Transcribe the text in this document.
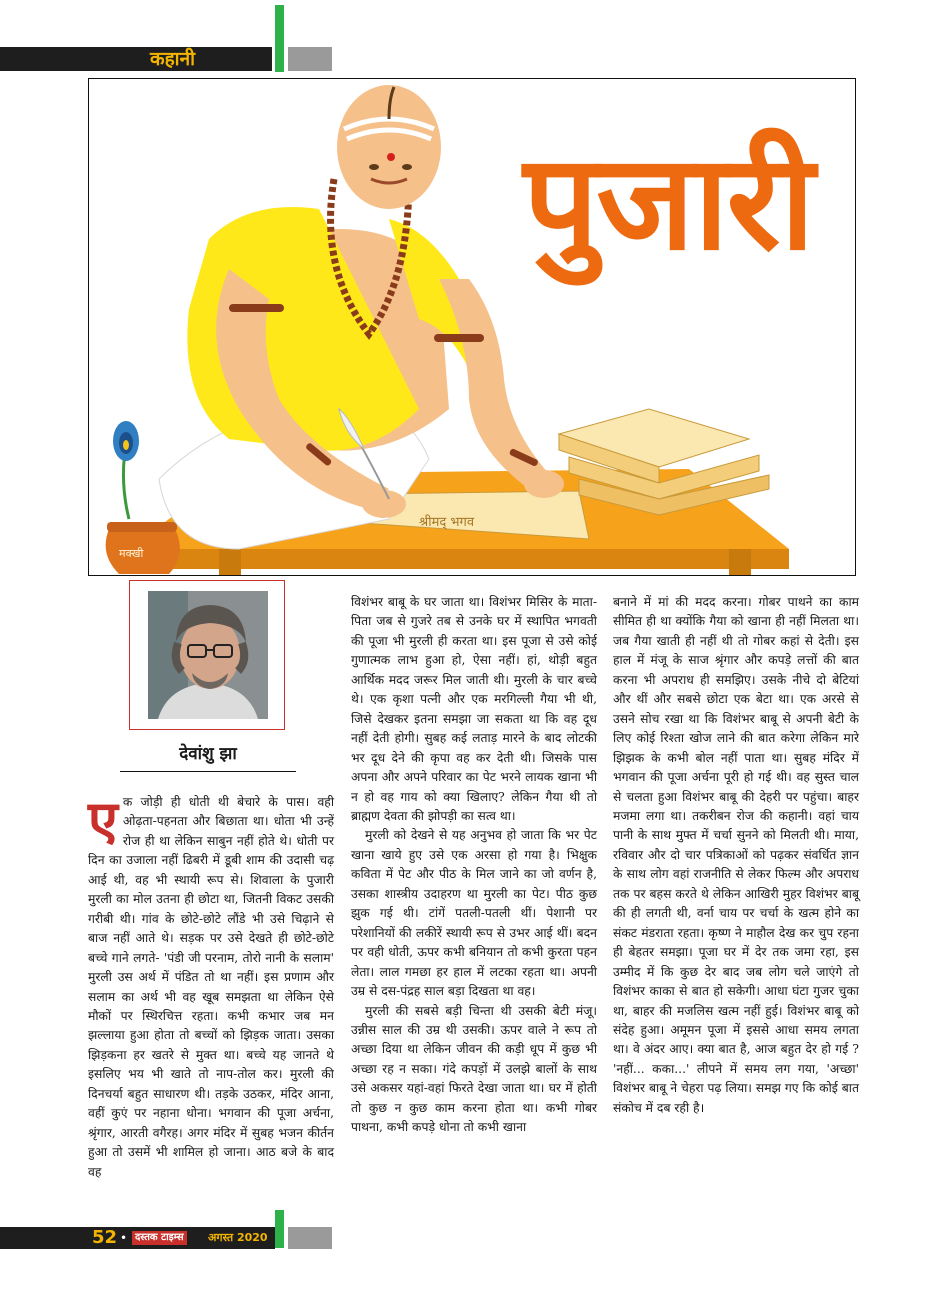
कहानी
श्रीमद् भगव
मक्खी
पुजारी
देवांशु झा
ए क जोड़ी ही धोती थी बेचारे के पास। वही ओढ़ता-पहनता और बिछाता था। धोता भी उन्हें रोज ही था लेकिन साबुन नहीं होते थे। धोती पर दिन का उजाला नहीं ढिबरी में डूबी शाम की उदासी चढ़ आई थी, वह भी स्थायी रूप से। शिवाला के पुजारी मुरली का मोल उतना ही छोटा था, जितनी विकट उसकी गरीबी थी। गांव के छोटे-छोटे लौंडे भी उसे चिढ़ाने से बाज नहीं आते थे। सड़क पर उसे देखते ही छोटे-छोटे बच्चे गाने लगते- 'पंडी जी परनाम, तोरो नानी के सलाम' मुरली उस अर्थ में पंडित तो था नहीं। इस प्रणाम और सलाम का अर्थ भी वह खूब समझता था लेकिन ऐसे मौकों पर स्थिरचित्त रहता। कभी कभार जब मन झल्लाया हुआ होता तो बच्चों को झिड़क जाता। उसका झिड़कना हर खतरे से मुक्त था। बच्चे यह जानते थे इसलिए भय भी खाते तो नाप-तोल कर। मुरली की दिनचर्या बहुत साधारण थी। तड़के उठकर, मंदिर आना, वहीं कुएं पर नहाना धोना। भगवान की पूजा अर्चना, श्रृंगार, आरती वगैरह। अगर मंदिर में सुबह भजन कीर्तन हुआ तो उसमें भी शामिल हो जाना। आठ बजे के बाद वह

विशंभर बाबू के घर जाता था। विशंभर मिसिर के माता-पिता जब से गुजरे तब से उनके घर में स्थापित भगवती की पूजा भी मुरली ही करता था। इस पूजा से उसे कोई गुणात्मक लाभ हुआ हो, ऐसा नहीं। हां, थोड़ी बहुत आर्थिक मदद जरूर मिल जाती थी। मुरली के चार बच्चे थे। एक कृशा पत्नी और एक मरगिल्ली गैया भी थी, जिसे देखकर इतना समझा जा सकता था कि वह दूध नहीं देती होगी। सुबह कई लताड़ मारने के बाद लोटकी भर दूध देने की कृपा वह कर देती थी। जिसके पास अपना और अपने परिवार का पेट भरने लायक खाना भी न हो वह गाय को क्या खिलाए? लेकिन गैया थी तो ब्राह्मण देवता की झोपड़ी का सत्व था।

मुरली को देखने से यह अनुभव हो जाता कि भर पेट खाना खाये हुए उसे एक अरसा हो गया है। भिक्षुक कविता में पेट और पीठ के मिल जाने का जो वर्णन है, उसका शास्त्रीय उदाहरण था मुरली का पेट। पीठ कुछ झुक गई थी। टांगें पतली-पतली थीं। पेशानी पर परेशानियों की लकीरें स्थायी रूप से उभर आई थीं। बदन पर वही धोती, ऊपर कभी बनियान तो कभी कुरता पहन लेता। लाल गमछा हर हाल में लटका रहता था। अपनी उम्र से दस-पंद्रह साल बड़ा दिखता था वह।

मुरली की सबसे बड़ी चिन्ता थी उसकी बेटी मंजू। उन्नीस साल की उम्र थी उसकी। ऊपर वाले ने रूप तो अच्छा दिया था लेकिन जीवन की कड़ी धूप में कुछ भी अच्छा रह न सका। गंदे कपड़ों में उलझे बालों के साथ उसे अकसर यहां-वहां फिरते देखा जाता था। घर में होती तो कुछ न कुछ काम करना होता था। कभी गोबर पाथना, कभी कपड़े धोना तो कभी खाना

बनाने में मां की मदद करना। गोबर पाथने का काम सीमित ही था क्योंकि गैया को खाना ही नहीं मिलता था। जब गैया खाती ही नहीं थी तो गोबर कहां से देती। इस हाल में मंजू के साज श्रृंगार और कपड़े लत्तों की बात करना भी अपराध ही समझिए। उसके नीचे दो बेटियां और थीं और सबसे छोटा एक बेटा था। एक अरसे से उसने सोच रखा था कि विशंभर बाबू से अपनी बेटी के लिए कोई रिश्ता खोज लाने की बात करेगा लेकिन मारे झिझक के कभी बोल नहीं पाता था। सुबह मंदिर में भगवान की पूजा अर्चना पूरी हो गई थी। वह सुस्त चाल से चलता हुआ विशंभर बाबू की देहरी पर पहुंचा। बाहर मजमा लगा था। तकरीबन रोज की कहानी। वहां चाय पानी के साथ मुफ्त में चर्चा सुनने को मिलती थी। माया, रविवार और दो चार पत्रिकाओं को पढ़कर संवर्धित ज्ञान के साथ लोग वहां राजनीति से लेकर फिल्म और अपराध तक पर बहस करते थे लेकिन आखिरी मुहर विशंभर बाबू की ही लगती थी, वर्ना चाय पर चर्चा के खत्म होने का संकट मंडराता रहता। कृष्ण ने माहौल देख कर चुप रहना ही बेहतर समझा। पूजा घर में देर तक जमा रहा, इस उम्मीद में कि कुछ देर बाद जब लोग चले जाएंगे तो विशंभर काका से बात हो सकेगी। आधा घंटा गुजर चुका था, बाहर की मजलिस खत्म नहीं हुई। विशंभर बाबू को संदेह हुआ। अमूमन पूजा में इससे आधा समय लगता था। वे अंदर आए। क्या बात है, आज बहुत देर हो गई ? 'नहीं... कका...' लीपने में समय लग गया, 'अच्छा' विशंभर बाबू ने चेहरा पढ़ लिया। समझ गए कि कोई बात संकोच में दब रही है।

52 • दस्तक टाइम्स अगस्त 2020
